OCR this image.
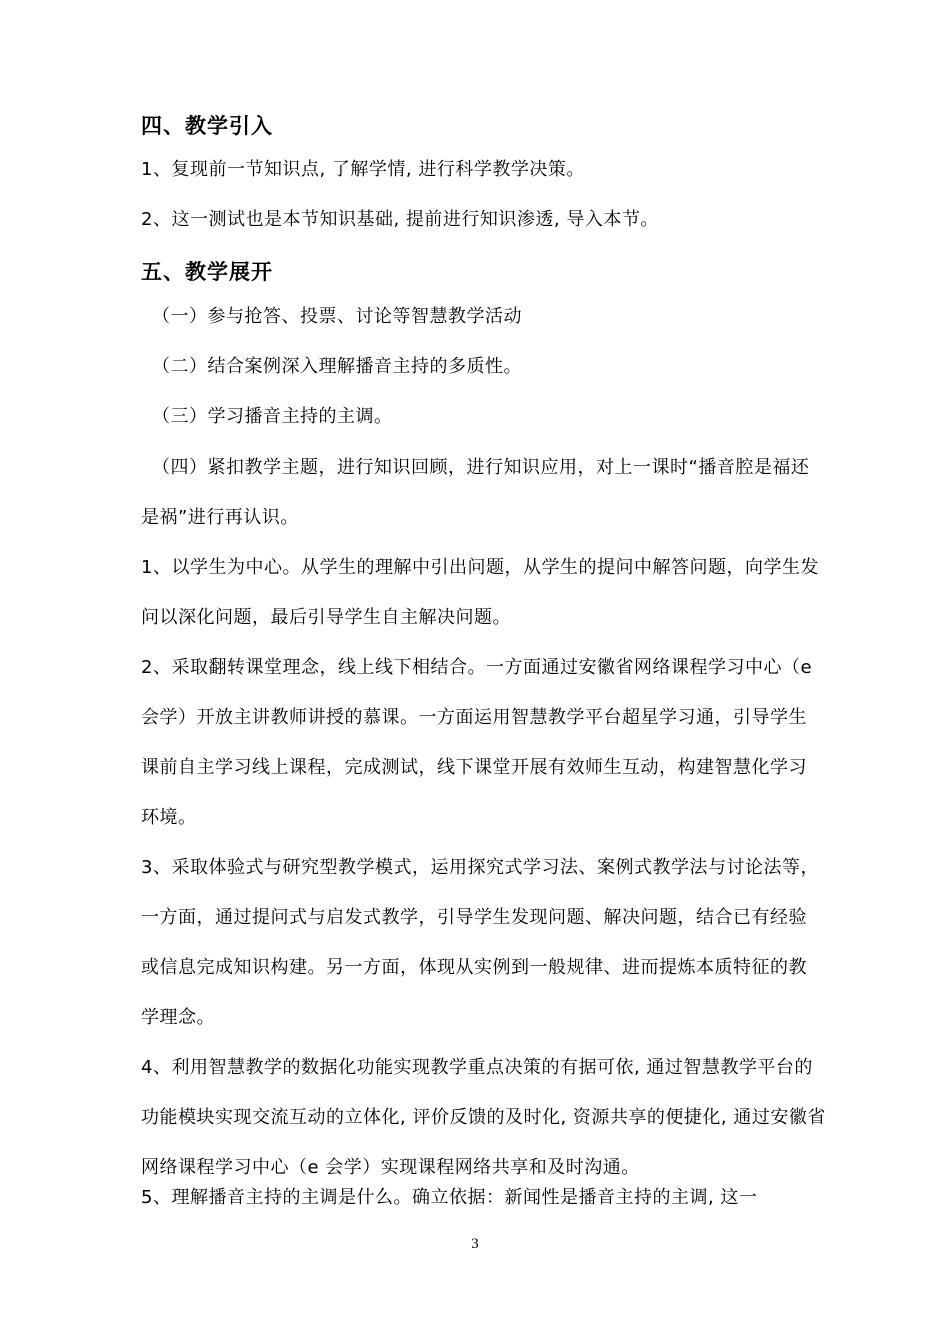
四、教学引入
1、复现前一节知识点, 了解学情, 进行科学教学决策。
2、这一测试也是本节知识基础, 提前进行知识渗透, 导入本节。
五、教学展开
（一）参与抢答、投票、讨论等智慧教学活动
（二）结合案例深入理解播音主持的多质性。
（三）学习播音主持的主调。
（四）紧扣教学主题，进行知识回顾，进行知识应用，对上一课时“播音腔是福还
是祸”进行再认识。
1、以学生为中心。从学生的理解中引出问题，从学生的提问中解答问题，向学生发
问以深化问题，最后引导学生自主解决问题。
2、采取翻转课堂理念，线上线下相结合。一方面通过安徽省网络课程学习中心（e
会学）开放主讲教师讲授的慕课。一方面运用智慧教学平台超星学习通，引导学生
课前自主学习线上课程，完成测试，线下课堂开展有效师生互动，构建智慧化学习
环境。
3、采取体验式与研究型教学模式，运用探究式学习法、案例式教学法与讨论法等，
一方面，通过提问式与启发式教学，引导学生发现问题、解决问题，结合已有经验
或信息完成知识构建。另一方面，体现从实例到一般规律、进而提炼本质特征的教
学理念。
4、利用智慧教学的数据化功能实现教学重点决策的有据可依, 通过智慧教学平台的
功能模块实现交流互动的立体化, 评价反馈的及时化, 资源共享的便捷化, 通过安徽省
网络课程学习中心（e 会学）实现课程网络共享和及时沟通。
5、理解播音主持的主调是什么。确立依据：新闻性是播音主持的主调, 这一
3
